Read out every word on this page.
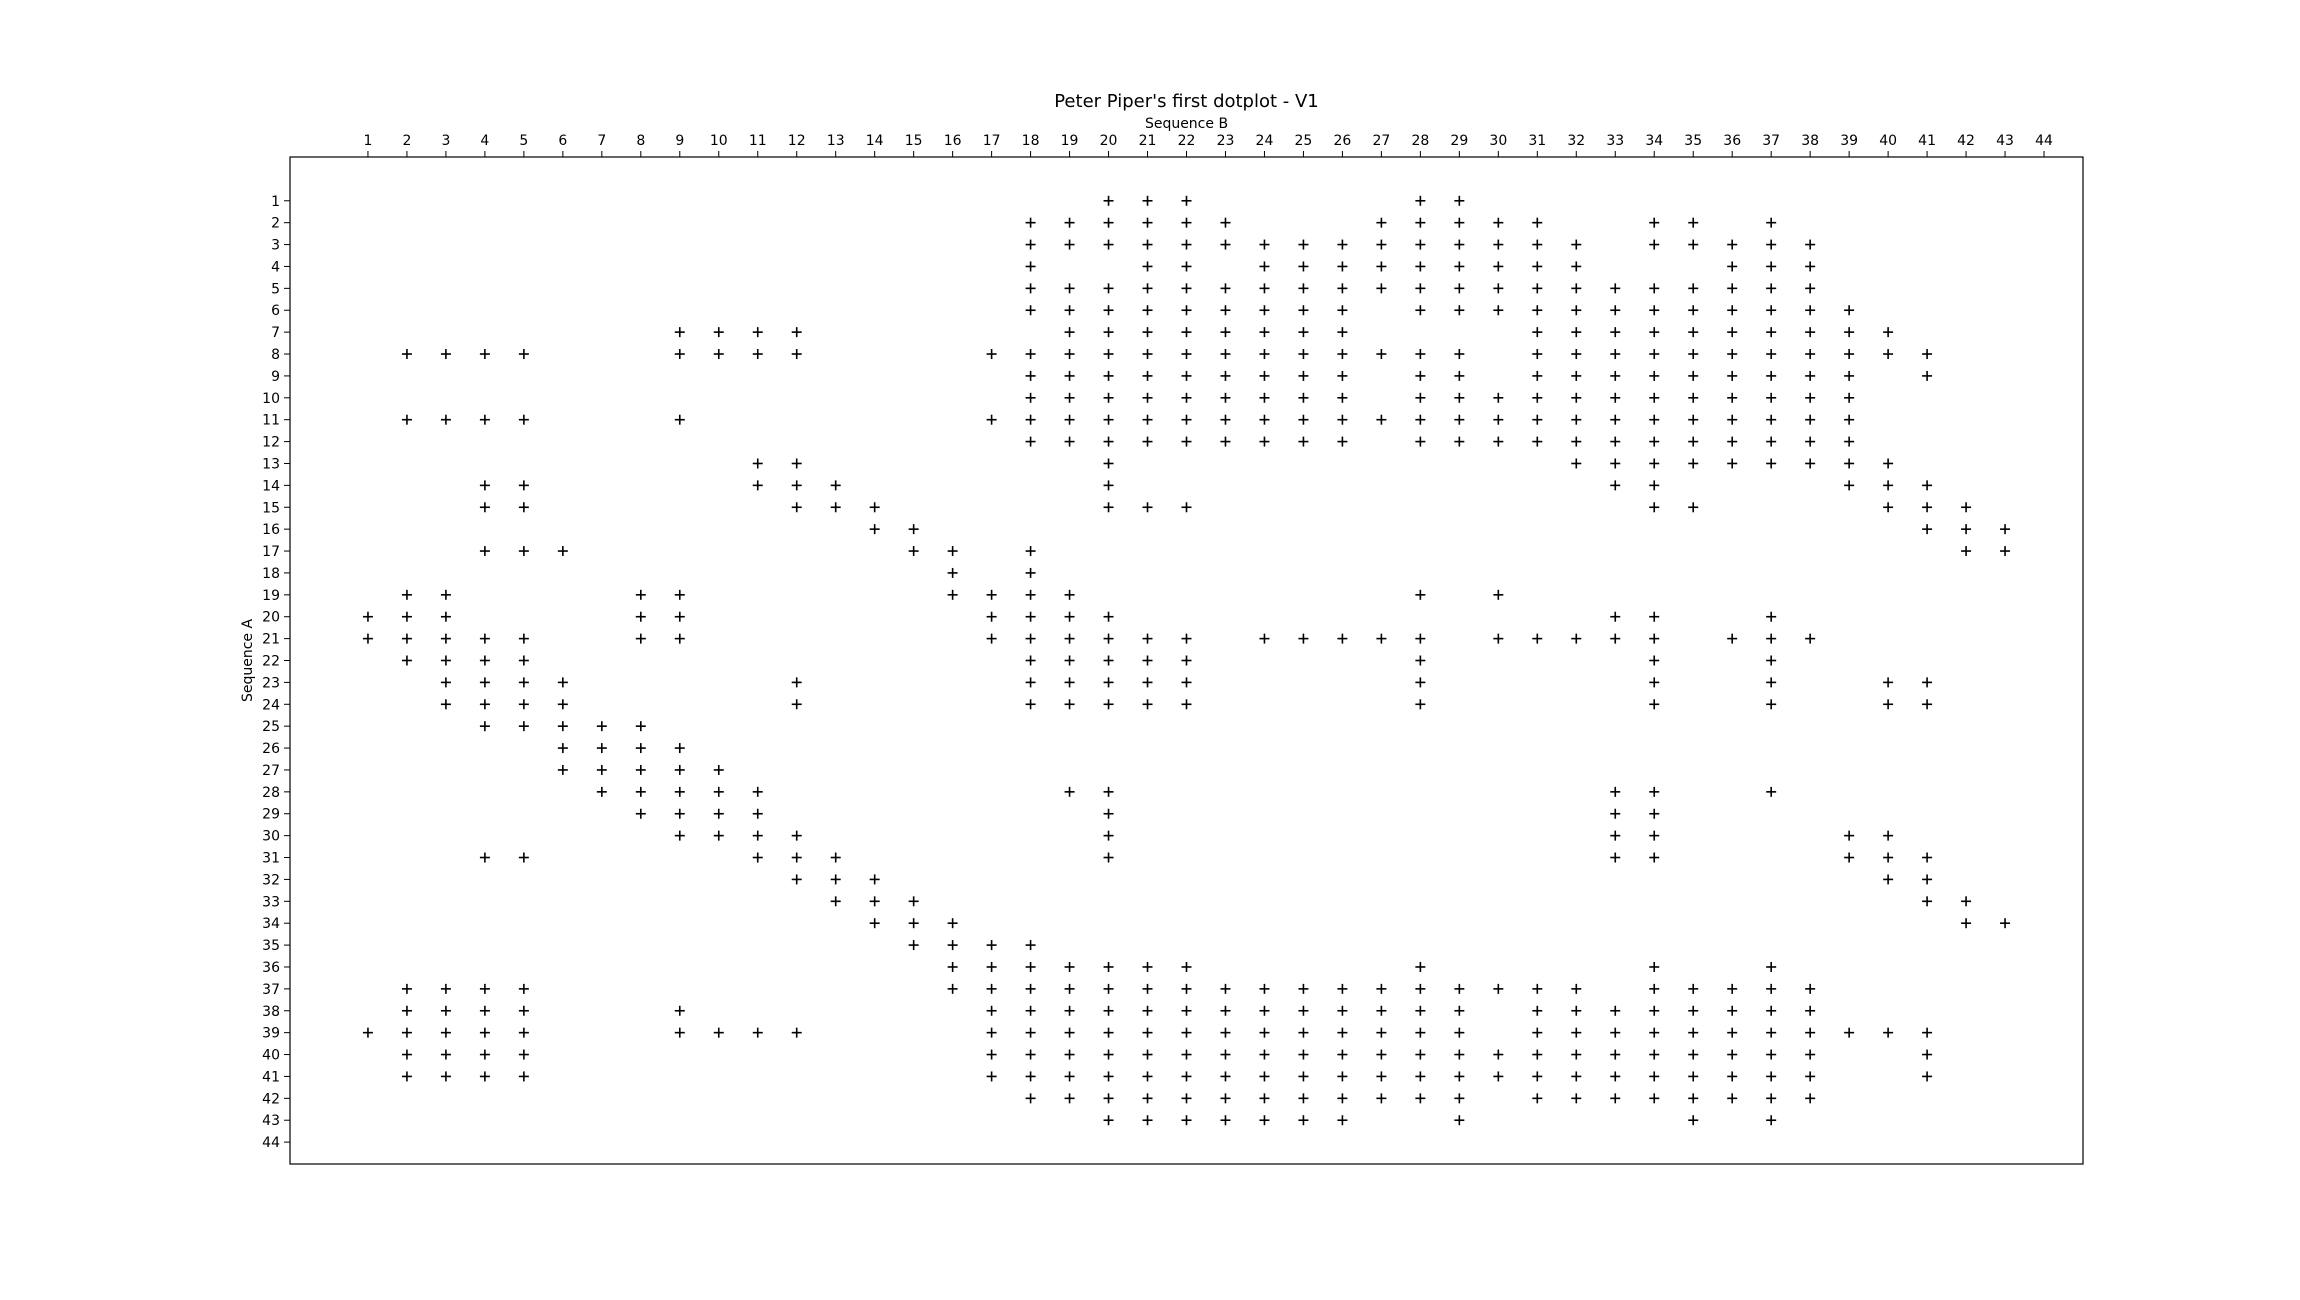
Peter Piper's first dotplot - V1
Sequence B
Sequence A
1 2 3 4 5 6 7 8 9 10 11 12 13 14 15 16 17 18 19 20 21 22 23 24 25 26 27 28 29 30 31 32 33 34 35 36 37 38 39 40 41 42 43 44
1
2
3
4
5
6
7
8
9
10
11
12
13
14
15
16
17
18
19
20
21
22
23
24
25
26
27
28
29
30
31
32
33
34
35
36
37
38
39
40
41
42
43
44
